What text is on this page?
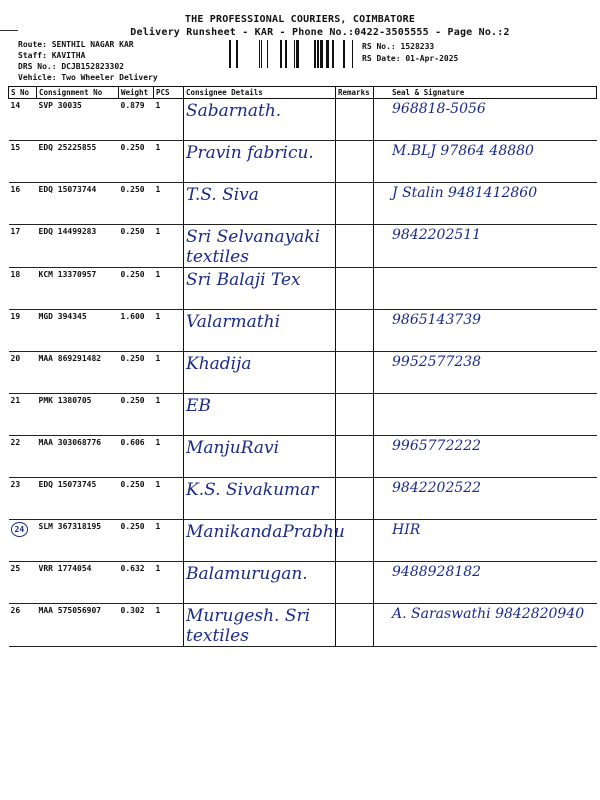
THE PROFESSIONAL COURIERS, COIMBATORE
Delivery Runsheet - KAR - Phone No.:0422-3505555 - Page No.:2
Route: SENTHIL NAGAR KAR
Staff: KAVITHA
DRS No.: DCJB152823302
Vehicle: Two Wheeler Delivery
RS No.: 1528233
RS Date: 01-Apr-2025
S No	Consignment No	Weight	PCS	Consignee Details	Remarks	Seal & Signature
14	SVP 30035	0.879	1	Sabarnath.		968818-5056
15	EDQ 25225855	0.250	1	Pravin fabricu.		M.BLJ 97864 48880
16	EDQ 15073744	0.250	1	T.S. Siva		J Stalin 9481412860
17	EDQ 14499283	0.250	1	Sri Selvanayaki textiles		9842202511
18	KCM 13370957	0.250	1	Sri Balaji Tex		
19	MGD 394345	1.600	1	Valarmathi		9865143739
20	MAA 869291482	0.250	1	Khadija		9952577238
21	PMK 1380705	0.250	1	EB		
22	MAA 303068776	0.606	1	ManjuRavi		9965772222
23	EDQ 15073745	0.250	1	K.S. Sivakumar		9842202522
24	SLM 367318195	0.250	1	ManikandaPrabhu		HIR
25	VRR 1774054	0.632	1	Balamurugan.		9488928182
26	MAA 575056907	0.302	1	Murugesh. Sri textiles		A. Saraswathi 9842820940
